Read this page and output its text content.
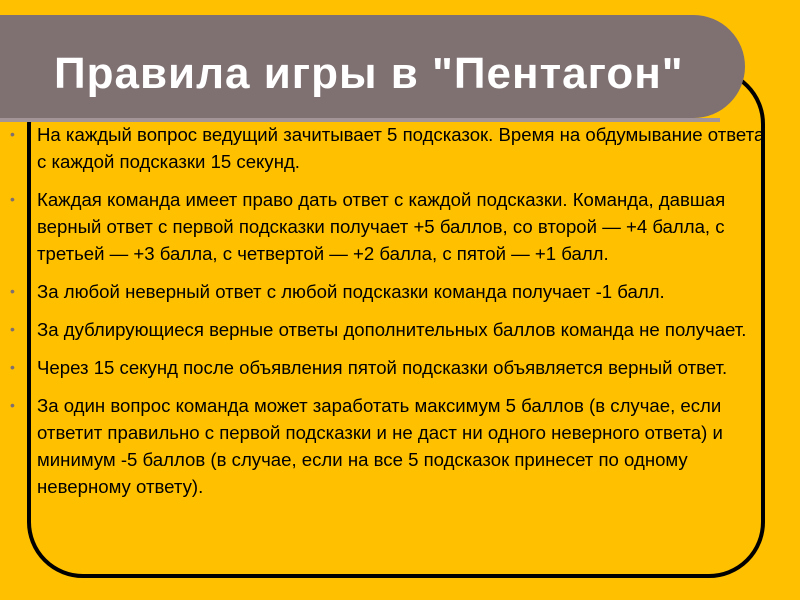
Правила игры в "Пентагон"
• На каждый вопрос ведущий зачитывает 5 подсказок. Время на обдумывание ответа с каждой подсказки 15 секунд.
• Каждая команда имеет право дать ответ с каждой подсказки. Команда, давшая верный ответ с первой подсказки получает +5 баллов, со второй — +4 балла, с третьей — +3 балла, с четвертой — +2 балла, с пятой — +1 балл.
• За любой неверный ответ с любой подсказки команда получает -1 балл.
• За дублирующиеся верные ответы дополнительных баллов команда не получает.
• Через 15 секунд после объявления пятой подсказки объявляется верный ответ.
• За один вопрос команда может заработать максимум 5 баллов (в случае, если ответит правильно с первой подсказки и не даст ни одного неверного ответа) и минимум -5 баллов (в случае, если на все 5 подсказок принесет по одному неверному ответу).
